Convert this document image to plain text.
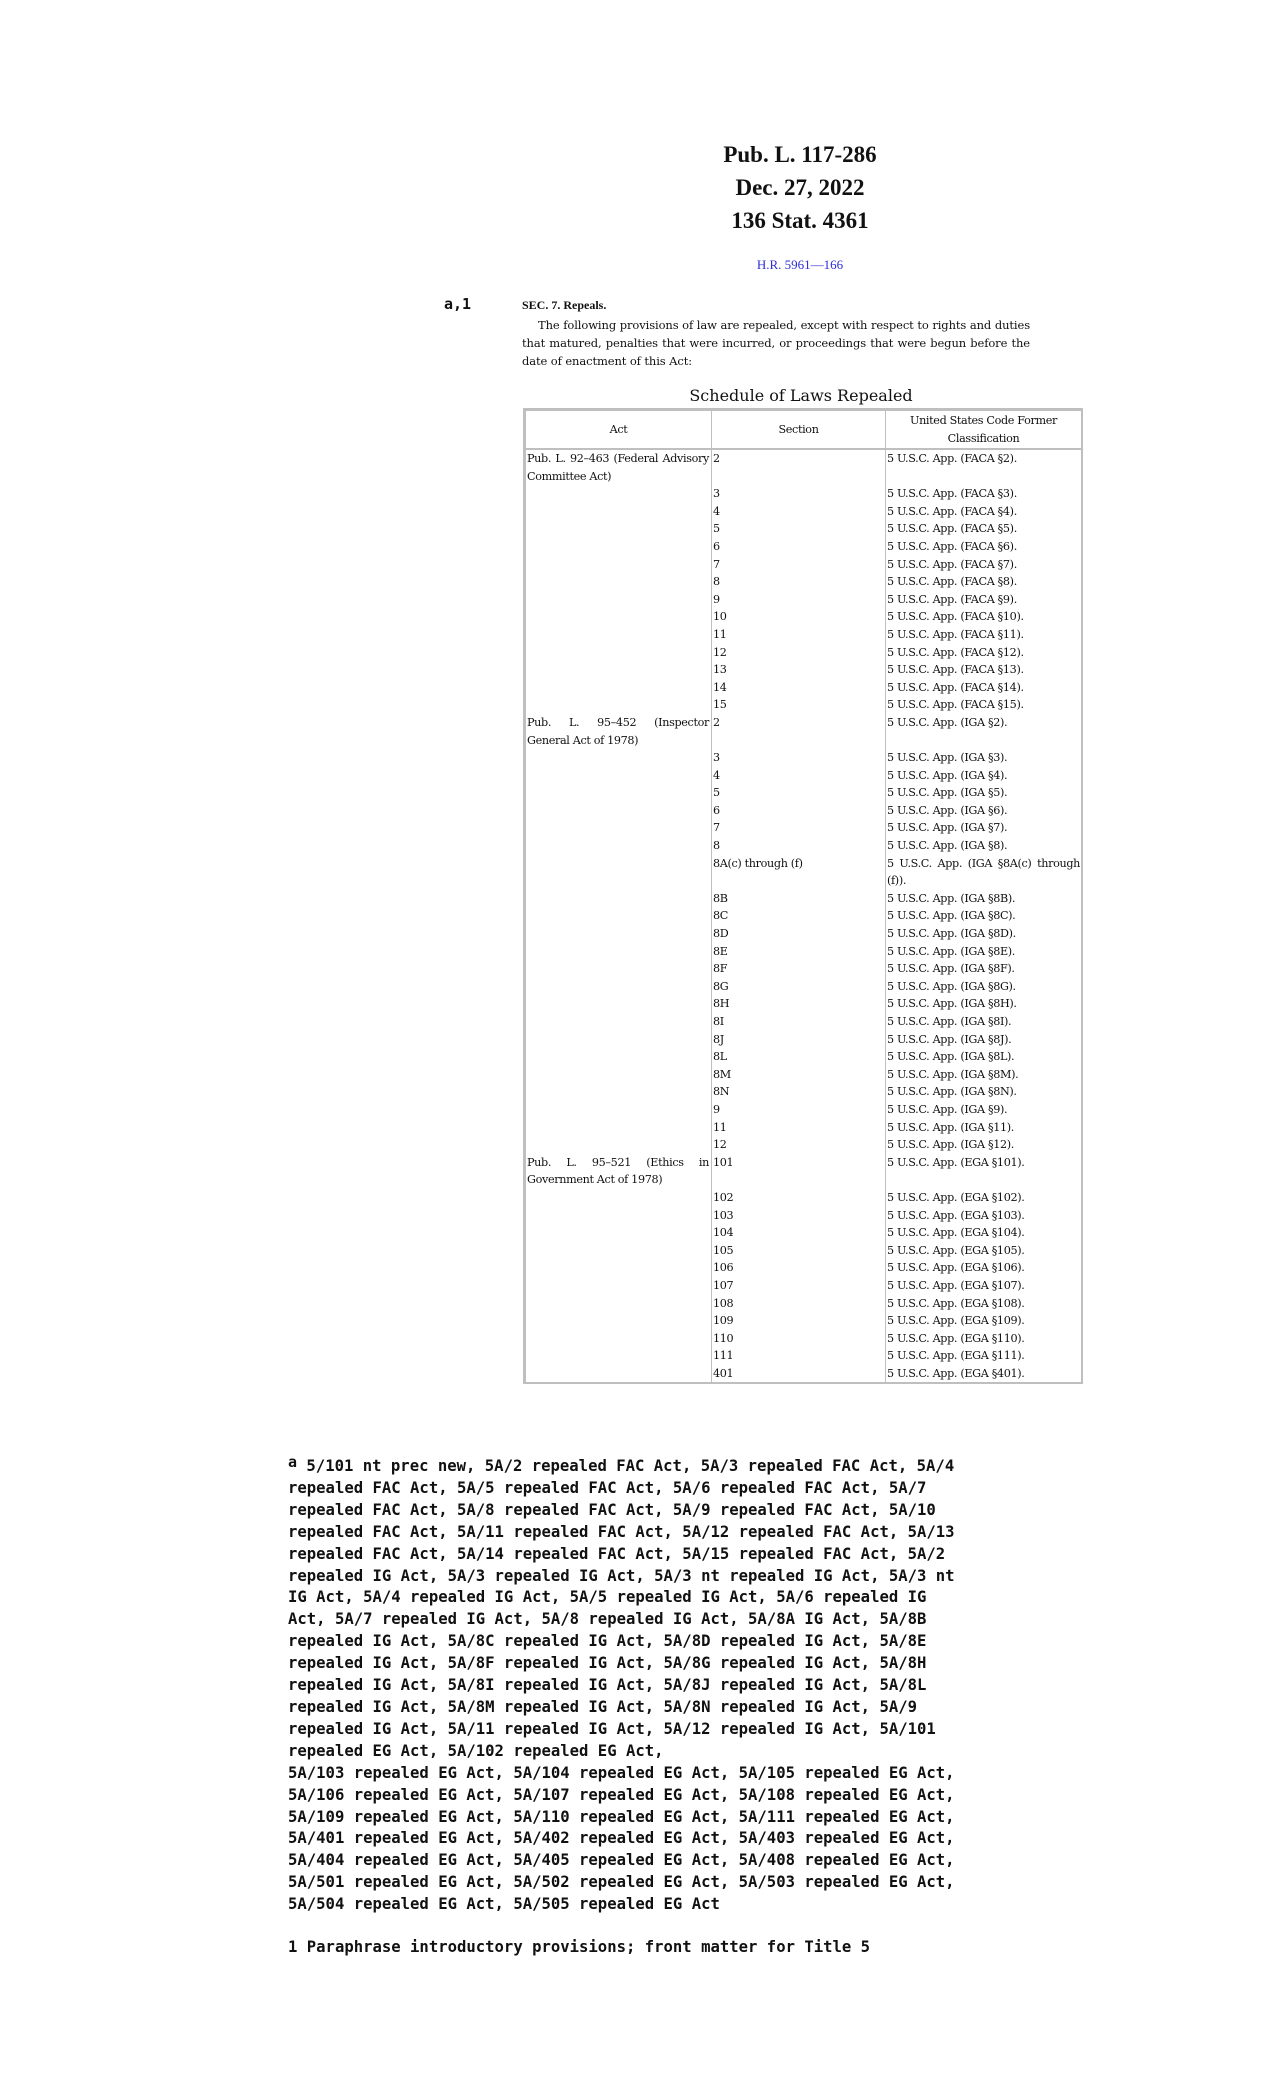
Pub. L. 117-286
Dec. 27, 2022
136 Stat. 4361
H.R. 5961—166
a,1	SEC. 7. Repeals.
The following provisions of law are repealed, except with respect to rights and duties that matured, penalties that were incurred, or proceedings that were begun before the date of enactment of this Act:
Schedule of Laws Repealed
Act	Section	United States Code Former Classification
Pub. L. 92–463 (Federal Advisory Committee Act)	2	5 U.S.C. App. (FACA §2).

	3	5 U.S.C. App. (FACA §3).
	4	5 U.S.C. App. (FACA §4).
	5	5 U.S.C. App. (FACA §5).
	6	5 U.S.C. App. (FACA §6).
	7	5 U.S.C. App. (FACA §7).
	8	5 U.S.C. App. (FACA §8).
	9	5 U.S.C. App. (FACA §9).
	10	5 U.S.C. App. (FACA §10).
	11	5 U.S.C. App. (FACA §11).
	12	5 U.S.C. App. (FACA §12).
	13	5 U.S.C. App. (FACA §13).
	14	5 U.S.C. App. (FACA §14).
	15	5 U.S.C. App. (FACA §15).
Pub. L. 95–452 (Inspector General Act of 1978)	2	5 U.S.C. App. (IGA §2).

	3	5 U.S.C. App. (IGA §3).
	4	5 U.S.C. App. (IGA §4).
	5	5 U.S.C. App. (IGA §5).
	6	5 U.S.C. App. (IGA §6).
	7	5 U.S.C. App. (IGA §7).
	8	5 U.S.C. App. (IGA §8).
	8A(c) through (f)	5 U.S.C. App. (IGA §8A(c) through (f)).
	8B	5 U.S.C. App. (IGA §8B).
	8C	5 U.S.C. App. (IGA §8C).
	8D	5 U.S.C. App. (IGA §8D).
	8E	5 U.S.C. App. (IGA §8E).
	8F	5 U.S.C. App. (IGA §8F).
	8G	5 U.S.C. App. (IGA §8G).
	8H	5 U.S.C. App. (IGA §8H).
	8I	5 U.S.C. App. (IGA §8I).
	8J	5 U.S.C. App. (IGA §8J).
	8L	5 U.S.C. App. (IGA §8L).
	8M	5 U.S.C. App. (IGA §8M).
	8N	5 U.S.C. App. (IGA §8N).
	9	5 U.S.C. App. (IGA §9).
	11	5 U.S.C. App. (IGA §11).
	12	5 U.S.C. App. (IGA §12).
Pub. L. 95–521 (Ethics in Government Act of 1978)	101	5 U.S.C. App. (EGA §101).

	102	5 U.S.C. App. (EGA §102).
	103	5 U.S.C. App. (EGA §103).
	104	5 U.S.C. App. (EGA §104).
	105	5 U.S.C. App. (EGA §105).
	106	5 U.S.C. App. (EGA §106).
	107	5 U.S.C. App. (EGA §107).
	108	5 U.S.C. App. (EGA §108).
	109	5 U.S.C. App. (EGA §109).
	110	5 U.S.C. App. (EGA §110).
	111	5 U.S.C. App. (EGA §111).
	401	5 U.S.C. App. (EGA §401).
$^a$ 5/101 nt prec new, 5A/2 repealed FAC Act, 5A/3 repealed FAC Act, 5A/4
repealed FAC Act, 5A/5 repealed FAC Act, 5A/6 repealed FAC Act, 5A/7
repealed FAC Act, 5A/8 repealed FAC Act, 5A/9 repealed FAC Act, 5A/10
repealed FAC Act, 5A/11 repealed FAC Act, 5A/12 repealed FAC Act, 5A/13
repealed FAC Act, 5A/14 repealed FAC Act, 5A/15 repealed FAC Act, 5A/2
repealed IG Act, 5A/3 repealed IG Act, 5A/3 nt repealed IG Act, 5A/3 nt
IG Act, 5A/4 repealed IG Act, 5A/5 repealed IG Act, 5A/6 repealed IG
Act, 5A/7 repealed IG Act, 5A/8 repealed IG Act, 5A/8A IG Act, 5A/8B
repealed IG Act, 5A/8C repealed IG Act, 5A/8D repealed IG Act, 5A/8E
repealed IG Act, 5A/8F repealed IG Act, 5A/8G repealed IG Act, 5A/8H
repealed IG Act, 5A/8I repealed IG Act, 5A/8J repealed IG Act, 5A/8L
repealed IG Act, 5A/8M repealed IG Act, 5A/8N repealed IG Act, 5A/9
repealed IG Act, 5A/11 repealed IG Act, 5A/12 repealed IG Act, 5A/101
repealed EG Act, 5A/102 repealed EG Act,
5A/103 repealed EG Act, 5A/104 repealed EG Act, 5A/105 repealed EG Act,
5A/106 repealed EG Act, 5A/107 repealed EG Act, 5A/108 repealed EG Act,
5A/109 repealed EG Act, 5A/110 repealed EG Act, 5A/111 repealed EG Act,
5A/401 repealed EG Act, 5A/402 repealed EG Act, 5A/403 repealed EG Act,
5A/404 repealed EG Act, 5A/405 repealed EG Act, 5A/408 repealed EG Act,
5A/501 repealed EG Act, 5A/502 repealed EG Act, 5A/503 repealed EG Act,
5A/504 repealed EG Act, 5A/505 repealed EG Act
1 Paraphrase introductory provisions; front matter for Title 5
